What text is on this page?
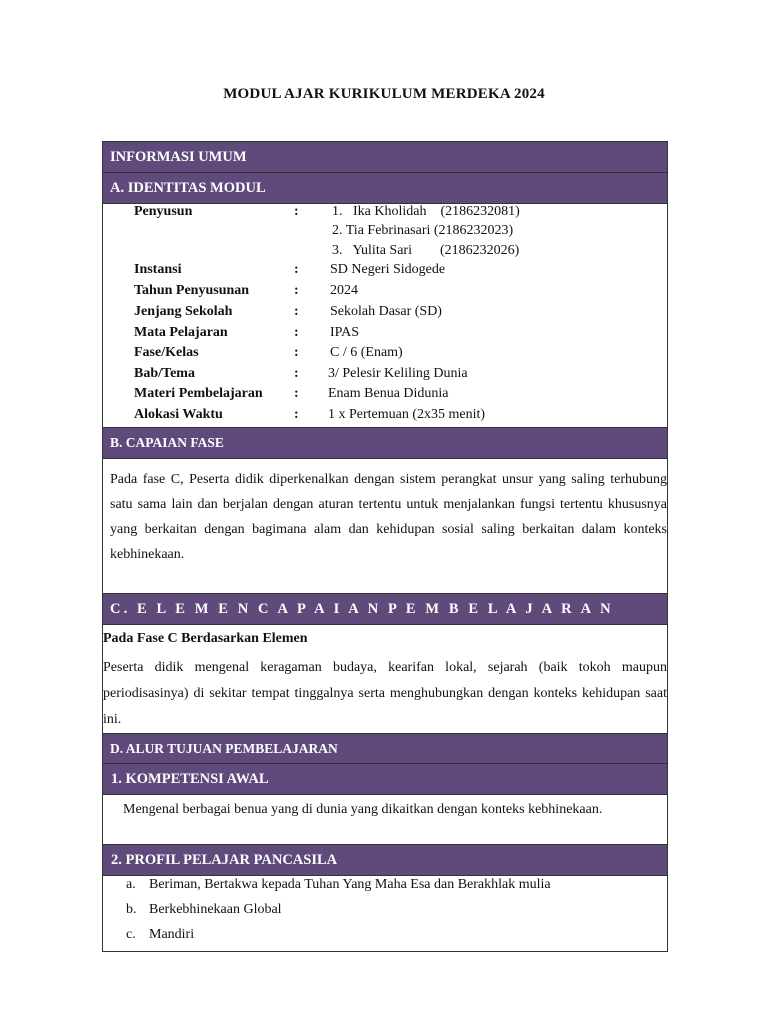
MODUL AJAR KURIKULUM MERDEKA 2024
INFORMASI UMUM
A. IDENTITAS MODUL
Penyusun	: 1.   Ika Kholidah    (2186232081)
2. Tia Febrinasari (2186232023)
3.   Yulita Sari        (2186232026)
Instansi	: SD Negeri Sidogede
Tahun Penyusunan	: 2024
Jenjang Sekolah	: Sekolah Dasar (SD)
Mata Pelajaran	: IPAS
Fase/Kelas	: C / 6 (Enam)
Bab/Tema	: 3/ Pelesir Keliling Dunia
Materi Pembelajaran : Enam Benua Didunia
Alokasi Waktu	: 1 x Pertemuan (2x35 menit)
B. CAPAIAN FASE
Pada fase C, Peserta didik diperkenalkan dengan sistem perangkat unsur yang saling terhubung satu sama lain dan berjalan dengan aturan tertentu untuk menjalankan fungsi tertentu khususnya yang berkaitan dengan bagimana alam dan kehidupan sosial saling berkaitan dalam konteks kebhinekaan.
C. E L E M E N C A P A I A N P E M B E L A J A R A N
Pada Fase C Berdasarkan Elemen
Peserta didik mengenal keragaman budaya, kearifan lokal, sejarah (baik tokoh maupun periodisasinya) di sekitar tempat tinggalnya serta menghubungkan dengan konteks kehidupan saat ini.
D. ALUR TUJUAN PEMBELAJARAN
1. KOMPETENSI AWAL
Mengenal berbagai benua yang di dunia yang dikaitkan dengan konteks kebhinekaan.
2. PROFIL PELAJAR PANCASILA
a. Beriman, Bertakwa kepada Tuhan Yang Maha Esa dan Berakhlak mulia
b. Berkebhinekaan Global
c. Mandiri
